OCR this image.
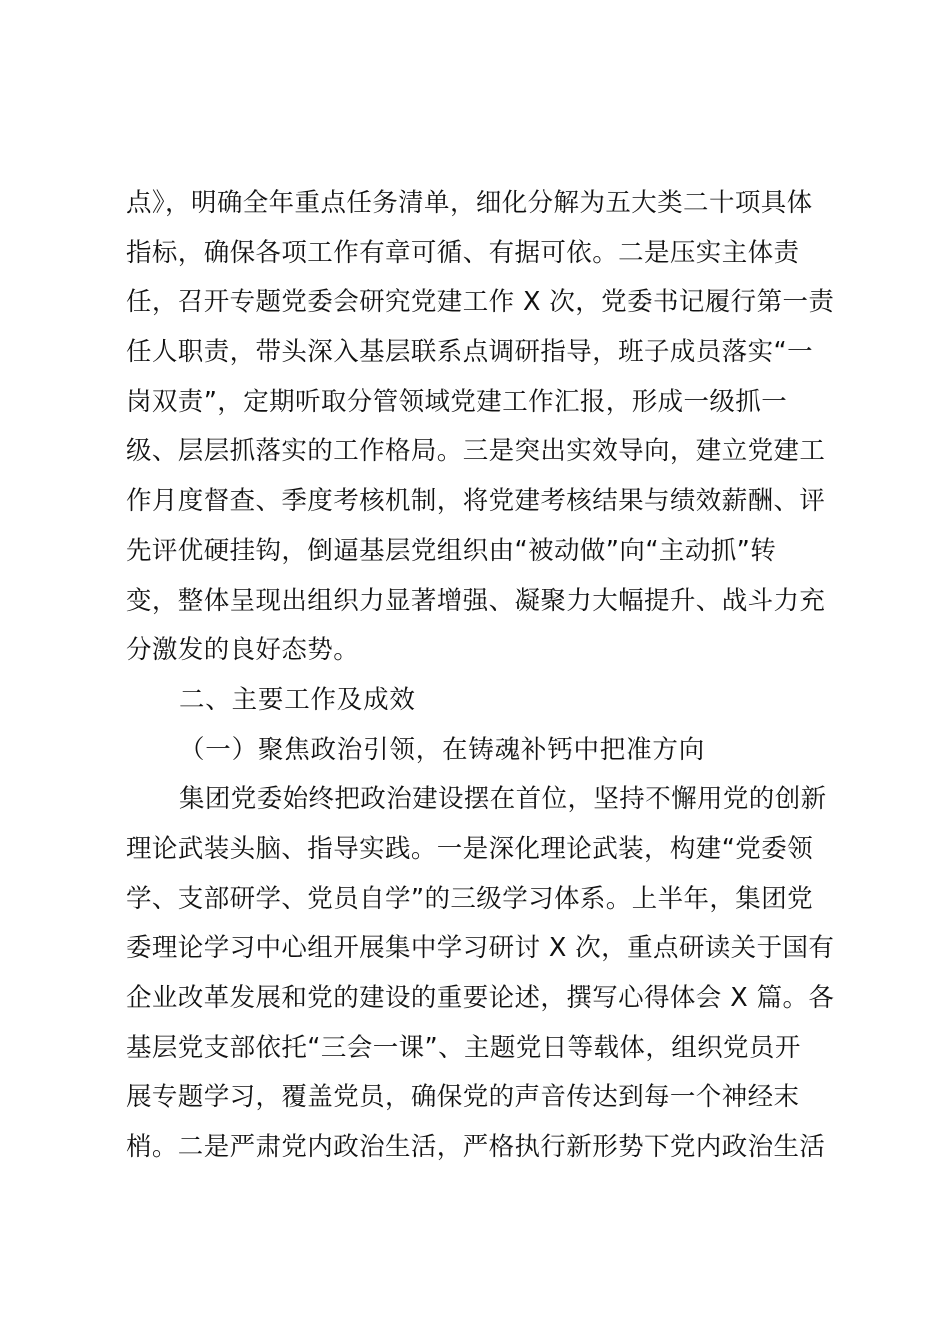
点》，明确全年重点任务清单，细化分解为五大类二十项具体
指标，确保各项工作有章可循、有据可依。二是压实主体责
任，召开专题党委会研究党建工作 X 次，党委书记履行第一责
任人职责，带头深入基层联系点调研指导，班子成员落实“一
岗双责”，定期听取分管领域党建工作汇报，形成一级抓一
级、层层抓落实的工作格局。三是突出实效导向，建立党建工
作月度督查、季度考核机制，将党建考核结果与绩效薪酬、评
先评优硬挂钩，倒逼基层党组织由“被动做”向“主动抓”转
变，整体呈现出组织力显著增强、凝聚力大幅提升、战斗力充
分激发的良好态势。
二、主要工作及成效
（一）聚焦政治引领，在铸魂补钙中把准方向
集团党委始终把政治建设摆在首位，坚持不懈用党的创新
理论武装头脑、指导实践。一是深化理论武装，构建“党委领
学、支部研学、党员自学”的三级学习体系。上半年，集团党
委理论学习中心组开展集中学习研讨 X 次，重点研读关于国有
企业改革发展和党的建设的重要论述，撰写心得体会 X 篇。各
基层党支部依托“三会一课”、主题党日等载体，组织党员开
展专题学习，覆盖党员，确保党的声音传达到每一个神经末
梢。二是严肃党内政治生活，严格执行新形势下党内政治生活
